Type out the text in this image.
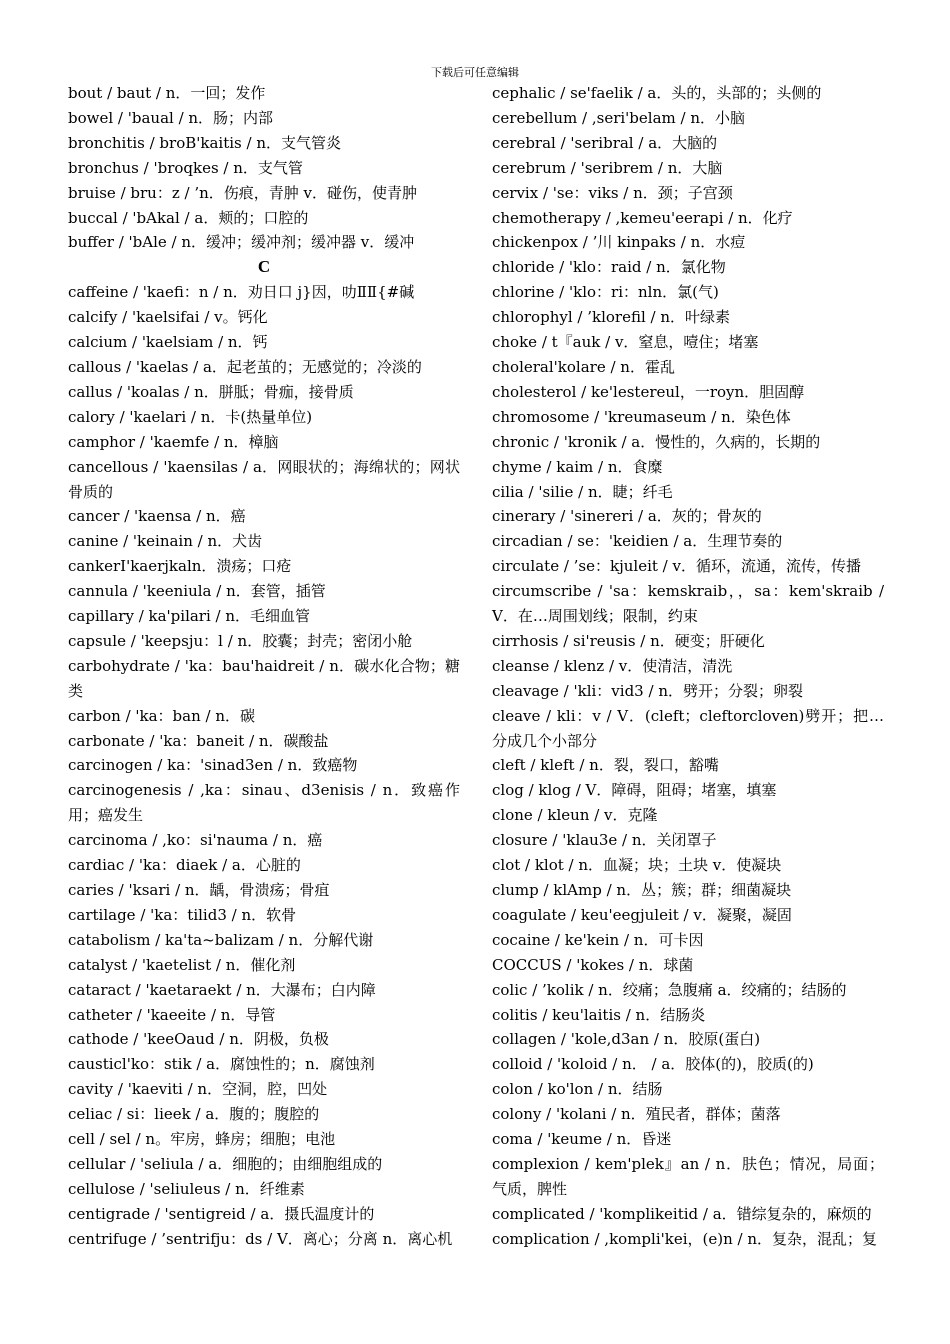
下载后可任意编辑
bout / baut / n．一回；发作
bowel / 'baual / n．肠；内部
bronchitis / broB'kaitis / n．支气管炎
bronchus / 'broqkes / n．支气管
bruise / bru：z / ’n．伤痕，青肿 v．碰伤，使青肿
buccal / 'bAkal / a．颊的；口腔的
buffer / 'bAle / n．缓冲；缓冲剂；缓冲器 v．缓冲
C
caffeine / 'kaefi：n / n．劝日口 j}因，叻ⅡⅡ{#碱
calcify / 'kaelsifai / v。钙化
calcium / 'kaelsiam / n．钙
callous / 'kaelas / a．起老茧的；无感觉的；冷淡的
callus / 'koalas / n．胼胝；骨痂，接骨质
calory / 'kaelari / n．卡(热量单位)
camphor / 'kaemfe / n．樟脑
cancellous / 'kaensilas / a．网眼状的；海绵状的；网状骨质的
cancer / 'kaensa / n．癌
canine / 'keinain / n．犬齿
cankerI'kaerjkaln．溃疡；口疮
cannula / 'keeniula / n．套管，插管
capillary / ka'pilari / n．毛细血管
capsule / 'keepsju：l / n．胶囊；封壳；密闭小舱
carbohydrate / 'ka：bau'haidreit / n．碳水化合物；糖类
carbon / 'ka：ban / n．碳
carbonate / 'ka：baneit / n．碳酸盐
carcinogen / ka：'sinad3en / n．致癌物
carcinogenesis / ,ka：sinau、d3enisis / n．致癌作用；癌发生
carcinoma / ,ko：si'nauma / n．癌
cardiac / 'ka：diaek / a．心脏的
caries / 'ksari / n．龋，骨溃疡；骨疽
cartilage / 'ka：tilid3 / n．软骨
catabolism / ka'ta~balizam / n．分解代谢
catalyst / 'kaetelist / n．催化剂
cataract / 'kaetaraekt / n．大瀑布；白内障
catheter / 'kaeeite / n．导管
cathode / 'keeOaud / n．阴极，负极
causticl'ko：stik / a．腐蚀性的；n．腐蚀剂
cavity / 'kaeviti / n．空洞，腔，凹处
celiac / si：lieek / a．腹的；腹腔的
cell / sel / n。牢房，蜂房；细胞；电池
cellular / 'seliula / a．细胞的；由细胞组成的
cellulose / 'seliuleus / n．纤维素
centigrade / 'sentigreid / a．摄氏温度计的
centrifuge / ’sentrifju：ds / V．离心；分离 n．离心机
cephalic / se'faelik / a．头的，头部的；头侧的
cerebellum / ,seri'belam / n．小脑
cerebral / 'seribral / a．大脑的
cerebrum / 'seribrem / n．大脑
cervix / 'se：viks / n．颈；子宫颈
chemotherapy / ,kemeu'eerapi / n．化疗
chickenpox / ’川 kinpaks / n．水痘
chloride / 'klo：raid / n．氯化物
chlorine / 'klo：ri：nln．氯(气)
chlorophyl / ’klorefil / n．叶绿素
choke / t『auk / v．窒息，噎住；堵塞
choleral'kolare / n．霍乱
cholesterol / ke'lestereul，一royn．胆固醇
chromosome / 'kreumaseum / n．染色体
chronic / 'kronik / a．慢性的，久病的，长期的
chyme / kaim / n．食糜
cilia / 'silie / n．睫；纤毛
cinerary / 'sinereri / a．灰的；骨灰的
circadian / se：'keidien / a．生理节奏的
circulate / ’se：kjuleit / v．循环，流通，流传，传播
circumscribe / 'sa：kemskraib，，sa：kem'skraib / V．在…周围划线；限制，约束
cirrhosis / si'reusis / n．硬变；肝硬化
cleanse / klenz / v．使清洁，清洗
cleavage / 'kli：vid3 / n．劈开；分裂；卵裂
cleave / kli：v / V．(cleft；cleftorcloven)劈开；把…分成几个小部分
cleft / kleft / n．裂，裂口，豁嘴
clog / klog / V．障碍，阻碍；堵塞，填塞
clone / kleun / v．克隆
closure / 'klau3e / n．关闭罩子
clot / klot / n．血凝；块；土块 v．使凝块
clump / klAmp / n．丛；簇；群；细菌凝块
coagulate / keu'eegjuleit / v．凝聚，凝固
cocaine / ke'kein / n．可卡因
COCCUS / 'kokes / n．球菌
colic / ’kolik / n．绞痛；急腹痛 a．绞痛的；结肠的
colitis / keu'laitis / n．结肠炎
collagen / 'kole,d3an / n．胶原(蛋白)
colloid / 'koloid / n． / a．胶体(的)，胶质(的)
colon / ko'lon / n．结肠
colony / 'kolani / n．殖民者，群体；菌落
coma / 'keume / n．昏迷
complexion / kem'plek』an / n．肤色；情况，局面；气质，脾性
complicated / 'komplikeitid / a．错综复杂的，麻烦的
complication / ,kompli'kei，(e)n / n．复杂，混乱；复
